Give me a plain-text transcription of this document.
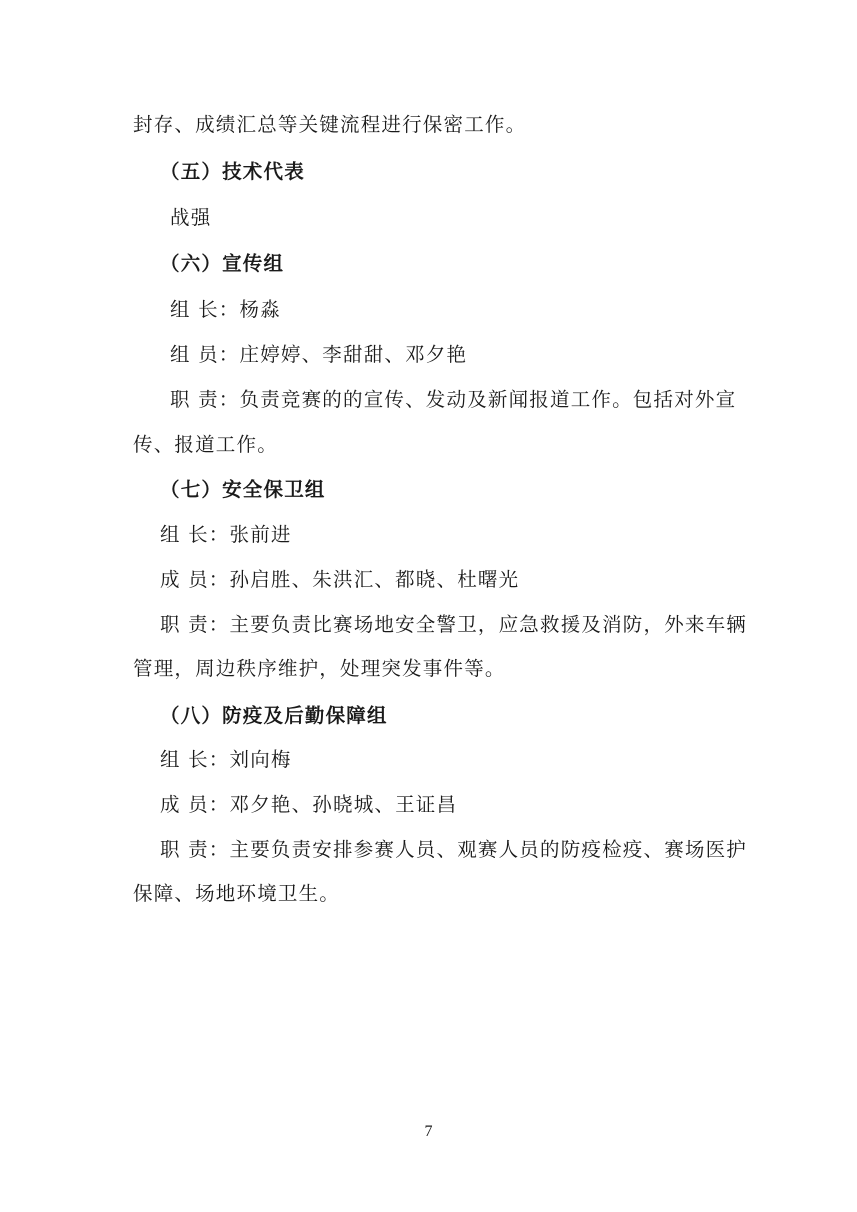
封存、成绩汇总等关键流程进行保密工作。
（五）技术代表
战强
（六）宣传组
组 长：杨淼
组 员：庄婷婷、李甜甜、邓夕艳
职 责：负责竞赛的的宣传、发动及新闻报道工作。包括对外宣
传、报道工作。
（七）安全保卫组
组 长：张前进
成 员：孙启胜、朱洪汇、都晓、杜曙光
职 责：主要负责比赛场地安全警卫，应急救援及消防，外来车辆
管理，周边秩序维护，处理突发事件等。
（八）防疫及后勤保障组
组 长：刘向梅
成 员：邓夕艳、孙晓城、王证昌
职 责：主要负责安排参赛人员、观赛人员的防疫检疫、赛场医护
保障、场地环境卫生。
7
